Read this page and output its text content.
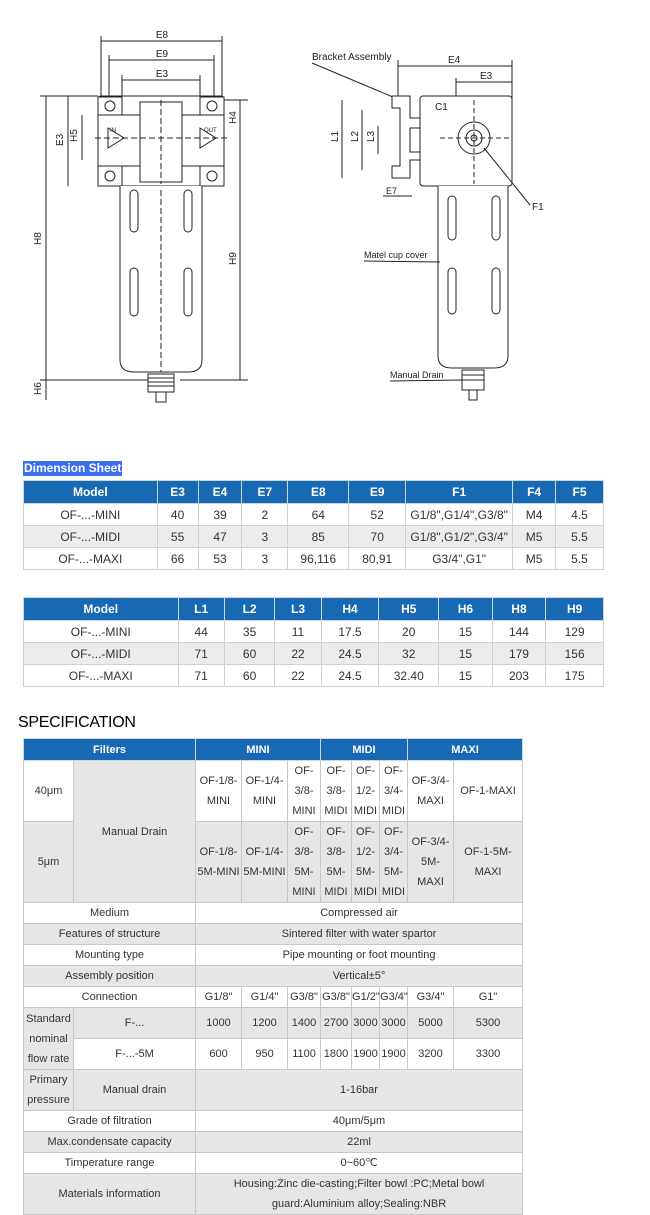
E8
E9
E3
IN	OUT
E3 H5
H8
H6
H4
H9
Bracket Assembly	E4
E3
L1 L2 L3
E7
C1
F1
Matel cup cover
Manual Drain
Dimension Sheet
Model	E3	E4	E7	E8	E9	F1	F4	F5
OF-...-MINI	40	39	2	64	52	G1/8",G1/4",G3/8"	M4	4.5
OF-...-MIDI	55	47	3	85	70	G1/8",G1/2",G3/4"	M5	5.5
OF-...-MAXI	66	53	3	96,116	80,91	G3/4",G1"	M5	5.5
Model	L1	L2	L3	H4	H5	H6	H8	H9
OF-...-MINI	44	35	11	17.5	20	15	144	129
OF-...-MIDI	71	60	22	24.5	32	15	179	156
OF-...-MAXI	71	60	22	24.5	32.40	15	203	175
SPECIFICATION
Filters		MINI			MIDI			MAXI	
40μm	Manual Drain	OF-1/8-MINI	OF-1/4-MINI	OF-3/8-MINI	OF-3/8-MIDI	OF-1/2-MIDI	OF-3/4-MIDI	OF-3/4-MAXI	OF-1-MAXI
5μm		OF-1/8-5M-MINI	OF-1/4-5M-MINI	OF-3/8-5M-MINI	OF-3/8-5M-MIDI	OF-1/2-5M-MIDI	OF-3/4-5M-MIDI	OF-3/4-5M-MAXI	OF-1-5M-MAXI
Medium		Compressed air							
Features of structure		Sintered filter with water spartor							
Mounting type		Pipe mounting or foot mounting							
Assembly position		Vertical±5°							
Connection		G1/8"	G1/4"	G3/8"	G3/8"	G1/2"	G3/4"	G3/4"	G1"
Standard nominal flow rate	F-...	1000	1200	1400	2700	3000	3000	5000	5300
	F-...-5M	600	950	1100	1800	1900	1900	3200	3300
Primary pressure	Manual drain	1-16bar							
Grade of filtration		40μm/5μm							
Max.condensate capacity		22ml							
Timperature range		0~60℃							
Materials information		Housing:Zinc die-casting;Filter bowl :PC;Metal bowl guard:Aluminium alloy;Sealing:NBR							
